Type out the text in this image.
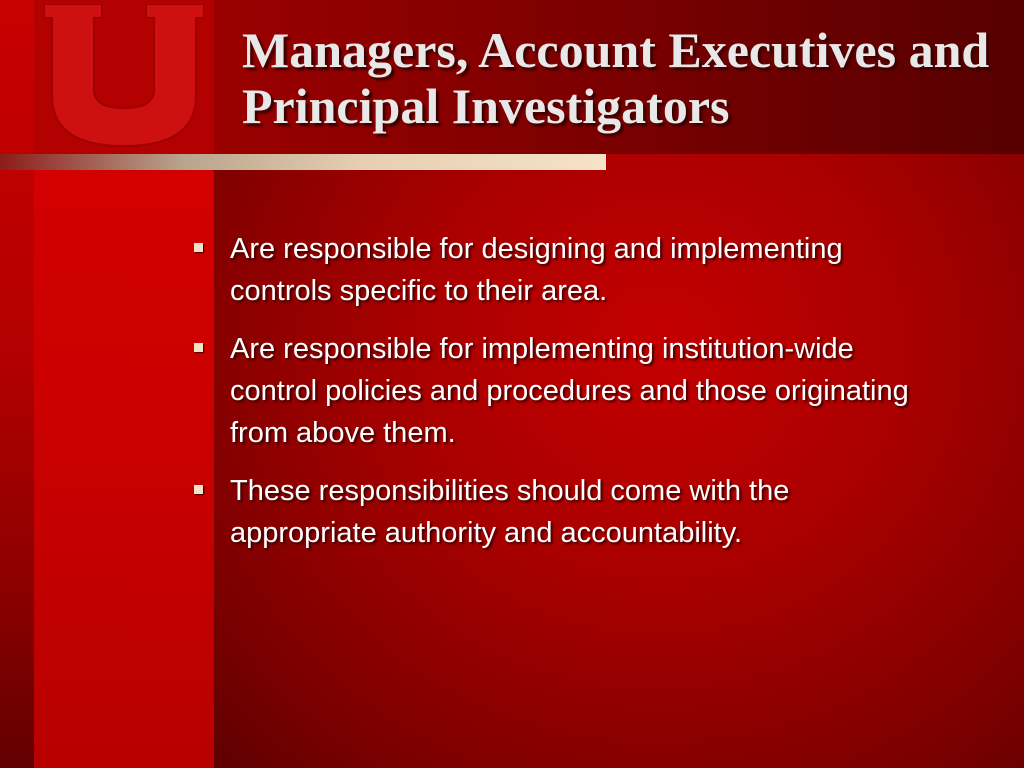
Managers, Account Executives and Principal Investigators
Are responsible for designing and implementing controls specific to their area.
Are responsible for implementing institution-wide control policies and procedures and those originating from above them.
These responsibilities should come with the appropriate authority and accountability.
